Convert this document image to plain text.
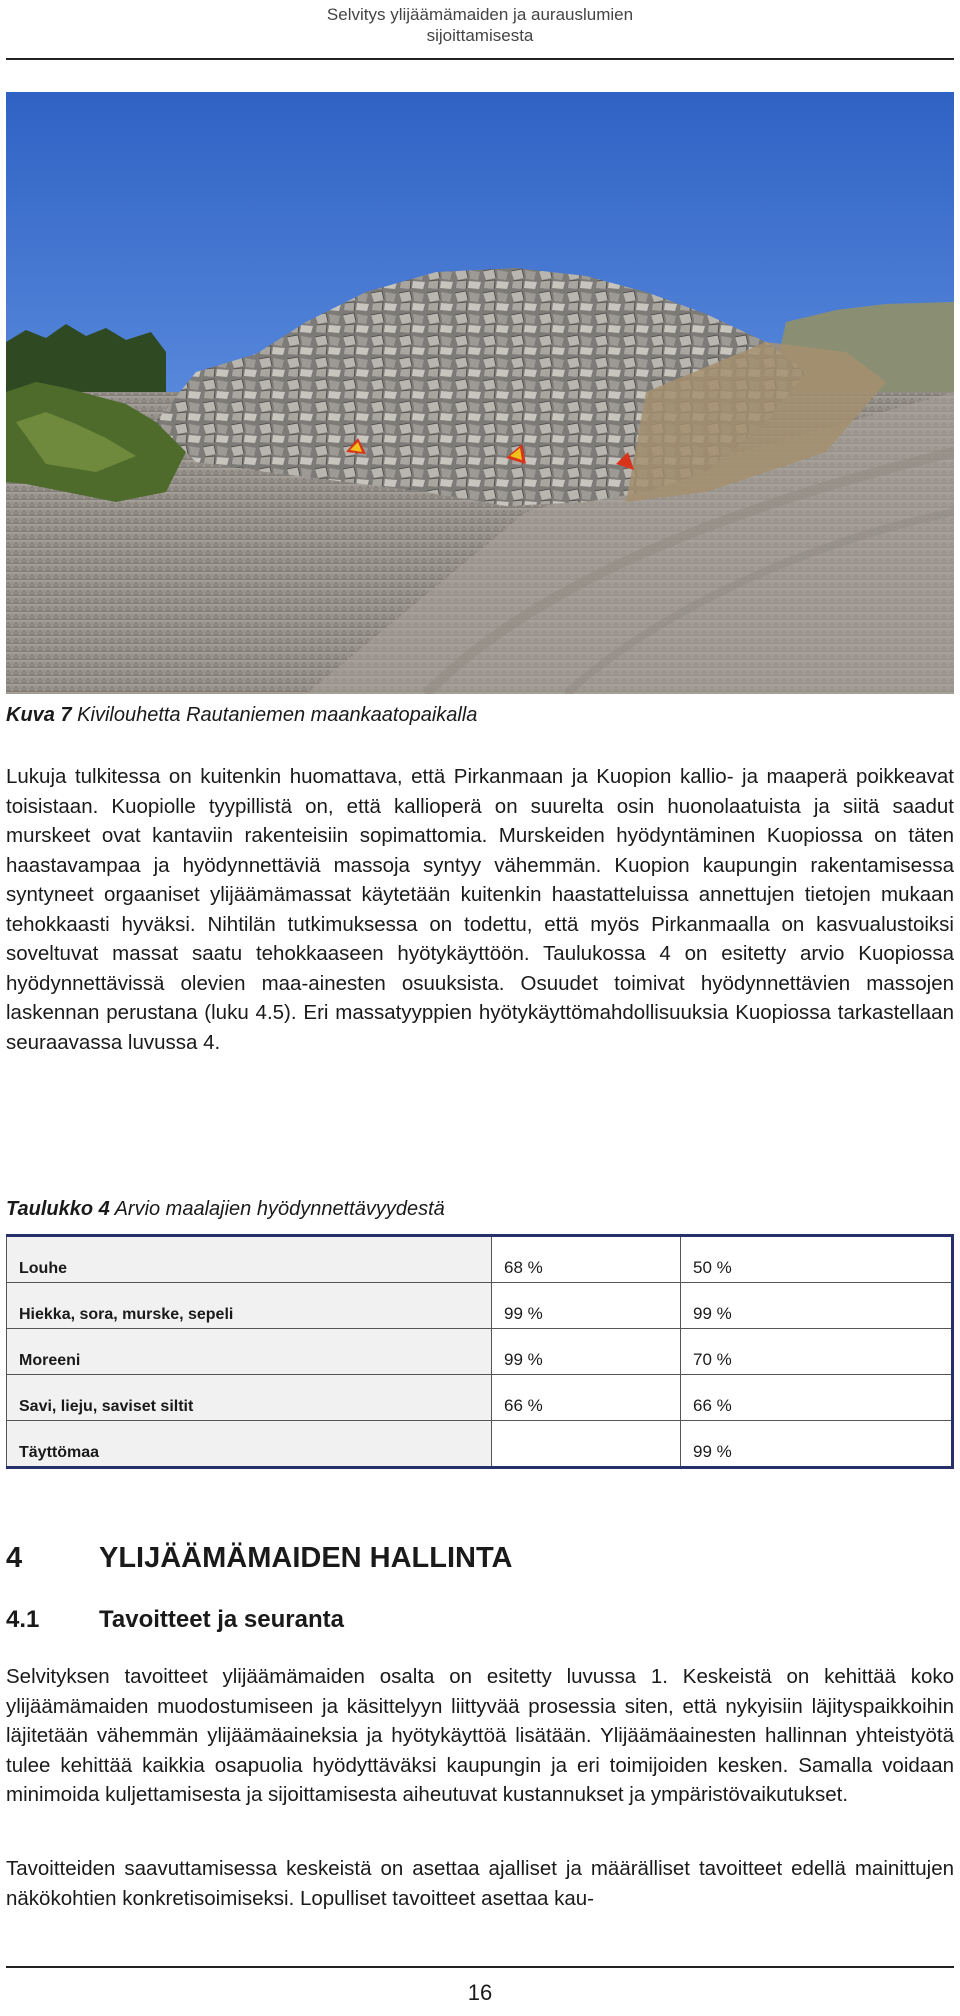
Selvitys ylijäämämaiden ja aurauslumien
sijoittamisesta
Kuva 7 Kivilouhetta Rautaniemen maankaatopaikalla
Lukuja tulkitessa on kuitenkin huomattava, että Pirkanmaan ja Kuopion kallio- ja maaperä poikkeavat toisistaan. Kuopiolle tyypillistä on, että kallioperä on suurelta osin huonolaatuista ja siitä saadut murskeet ovat kantaviin rakenteisiin sopimattomia. Murskeiden hyödyntäminen Kuopiossa on täten haastavampaa ja hyödynnettäviä massoja syntyy vähemmän. Kuopion kaupungin rakentamisessa syntyneet orgaaniset ylijäämämassat käytetään kuitenkin haastatteluissa annettujen tietojen mukaan tehokkaasti hyväksi. Nihtilän tutkimuksessa on todettu, että myös Pirkanmaalla on kasvualustoiksi soveltuvat massat saatu tehokkaaseen hyötykäyttöön. Taulukossa 4 on esitetty arvio Kuopiossa hyödynnettävissä olevien maa-ainesten osuuksista. Osuudet toimivat hyödynnettävien massojen laskennan perustana (luku 4.5). Eri massatyyppien hyötykäyttömahdollisuuksia Kuopiossa tarkastellaan seuraavassa luvussa 4.
Taulukko 4 Arvio maalajien hyödynnettävyydestä
Louhe	68 %	50 %
Hiekka, sora, murske, sepeli	99 %	99 %
Moreeni	99 %	70 %
Savi, lieju, saviset siltit	66 %	66 %
Täyttömaa		99 %
4	YLIJÄÄMÄMAIDEN HALLINTA
4.1 Tavoitteet ja seuranta
Selvityksen tavoitteet ylijäämämaiden osalta on esitetty luvussa 1. Keskeistä on kehittää koko ylijäämämaiden muodostumiseen ja käsittelyyn liittyvää prosessia siten, että nykyisiin läjityspaikkoihin läjitetään vähemmän ylijäämäaineksia ja hyötykäyttöä lisätään. Ylijäämäainesten hallinnan yhteistyötä tulee kehittää kaikkia osapuolia hyödyttäväksi kaupungin ja eri toimijoiden kesken. Samalla voidaan minimoida kuljettamisesta ja sijoittamisesta aiheutuvat kustannukset ja ympäristövaikutukset.
Tavoitteiden saavuttamisessa keskeistä on asettaa ajalliset ja määrälliset tavoitteet edellä mainittujen näkökohtien konkretisoimiseksi. Lopulliset tavoitteet asettaa kau-
16
